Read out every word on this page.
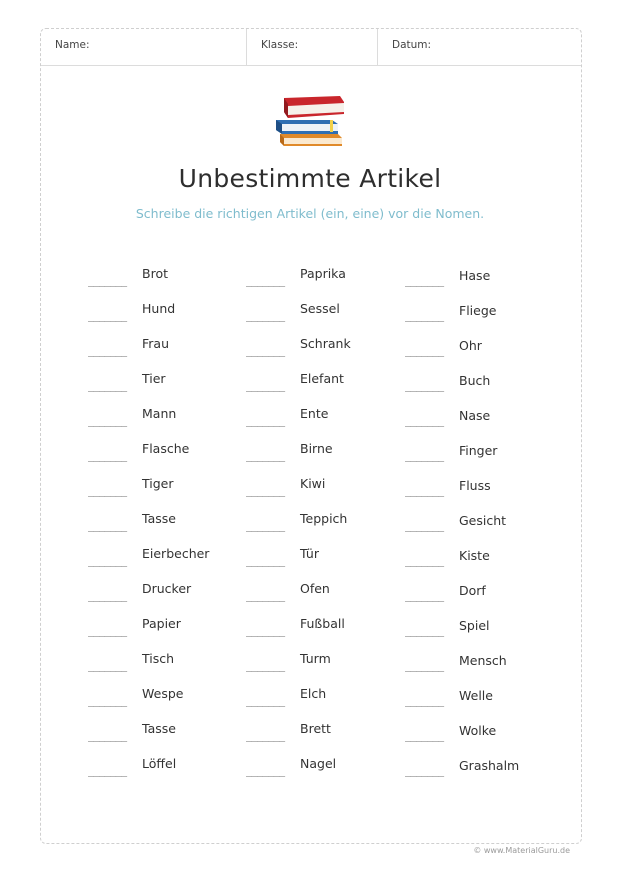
Name:	Klasse:	Datum:
Unbestimmte Artikel
Schreibe die richtigen Artikel (ein, eine) vor die Nomen.
_______
Brot
_______
Hund
_______
Frau
_______
Tier
_______
Mann
_______
Flasche
_______
Tiger
_______
Tasse
_______
Eierbecher
_______
Drucker
_______
Papier
_______
Tisch
_______
Wespe
_______
Tasse
_______
Löffel
_______
Paprika
_______
Sessel
_______
Schrank
_______
Elefant
_______
Ente
_______
Birne
_______
Kiwi
_______
Teppich
_______
Tür
_______
Ofen
_______
Fußball
_______
Turm
_______
Elch
_______
Brett
_______
Nagel
_______ Hase
_______ Fliege
_______ Ohr
_______ Buch
_______ Nase
_______ Finger
_______ Fluss
_______ Gesicht
_______ Kiste
_______ Dorf
_______ Spiel
_______ Mensch
_______ Welle
_______ Wolke
_______ Grashalm
© www.MaterialGuru.de
